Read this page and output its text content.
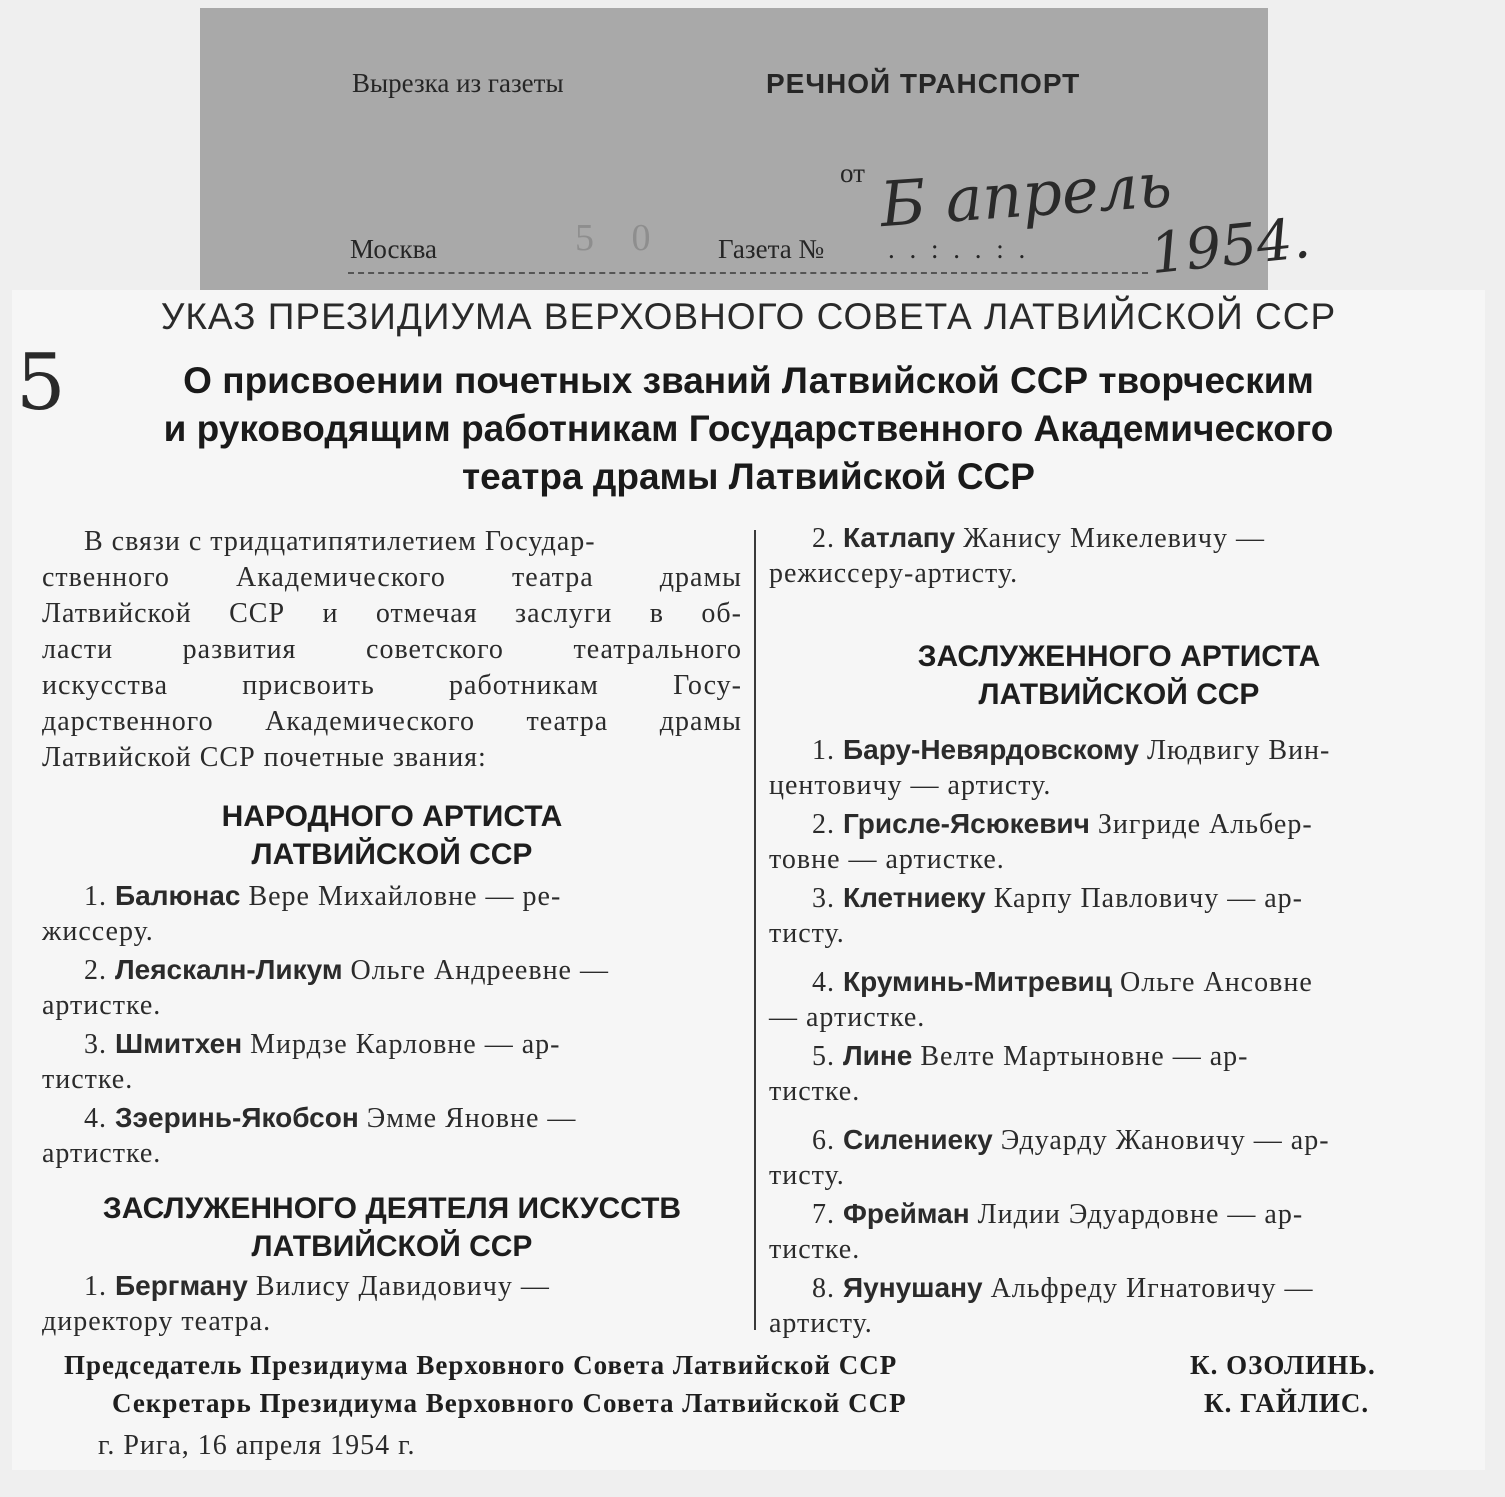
Вырезка из газеты	РЕЧНОЙ ТРАНСПОРТ
от
Москва	5 0 Газета № . . : . . : .
Б апрель
1954.
УКАЗ ПРЕЗИДИУМА ВЕРХОВНОГО СОВЕТА ЛАТВИЙСКОЙ ССР
О присвоении почетных званий Латвийской ССР творческим
и руководящим работникам Государственного Академического
театра драмы Латвийской ССР
В связи с тридцатипятилетием Государ-
ственного Академического театра драмы
Латвийской ССР и отмечая заслуги в об-
ласти развития советского театрального
искусства присвоить работникам Госу-
дарственного Академического театра драмы
Латвийской ССР почетные звания:
НАРОДНОГО АРТИСТА
ЛАТВИЙСКОЙ ССР
1. Балюнас Вере Михайловне — ре-
жиссеру.
2. Леяскалн-Ликум Ольге Андреевне —
артистке.
3. Шмитхен Мирдзе Карловне — ар-
тистке.
4. Зэеринь-Якобсон Эмме Яновне —
артистке.
ЗАСЛУЖЕННОГО ДЕЯТЕЛЯ ИСКУССТВ
ЛАТВИЙСКОЙ ССР
1. Бергману Вилису Давидовичу —
директору театра.
2. Катлапу Жанису Микелевичу —
режиссеру-артисту.
ЗАСЛУЖЕННОГО АРТИСТА
ЛАТВИЙСКОЙ ССР
1. Бару-Невярдовскому Людвигу Вин-
центовичу — артисту.
2. Грисле-Ясюкевич Зигриде Альбер-
товне — артистке.
3. Клетниеку Карпу Павловичу — ар-
тисту.
4. Круминь-Митревиц Ольге Ансовне
— артистке.
5. Лине Велте Мартыновне — ар-
тистке.
6. Силениеку Эдуарду Жановичу — ар-
тисту.
7. Фрейман Лидии Эдуардовне — ар-
тистке.
8. Яунушану Альфреду Игнатовичу —
артисту.
Председатель Президиума Верховного Совета Латвийской ССР	К. ОЗОЛИНЬ.
Секретарь Президиума Верховного Совета Латвийской ССР	К. ГАЙЛИС.
г. Рига, 16 апреля 1954 г.
5
